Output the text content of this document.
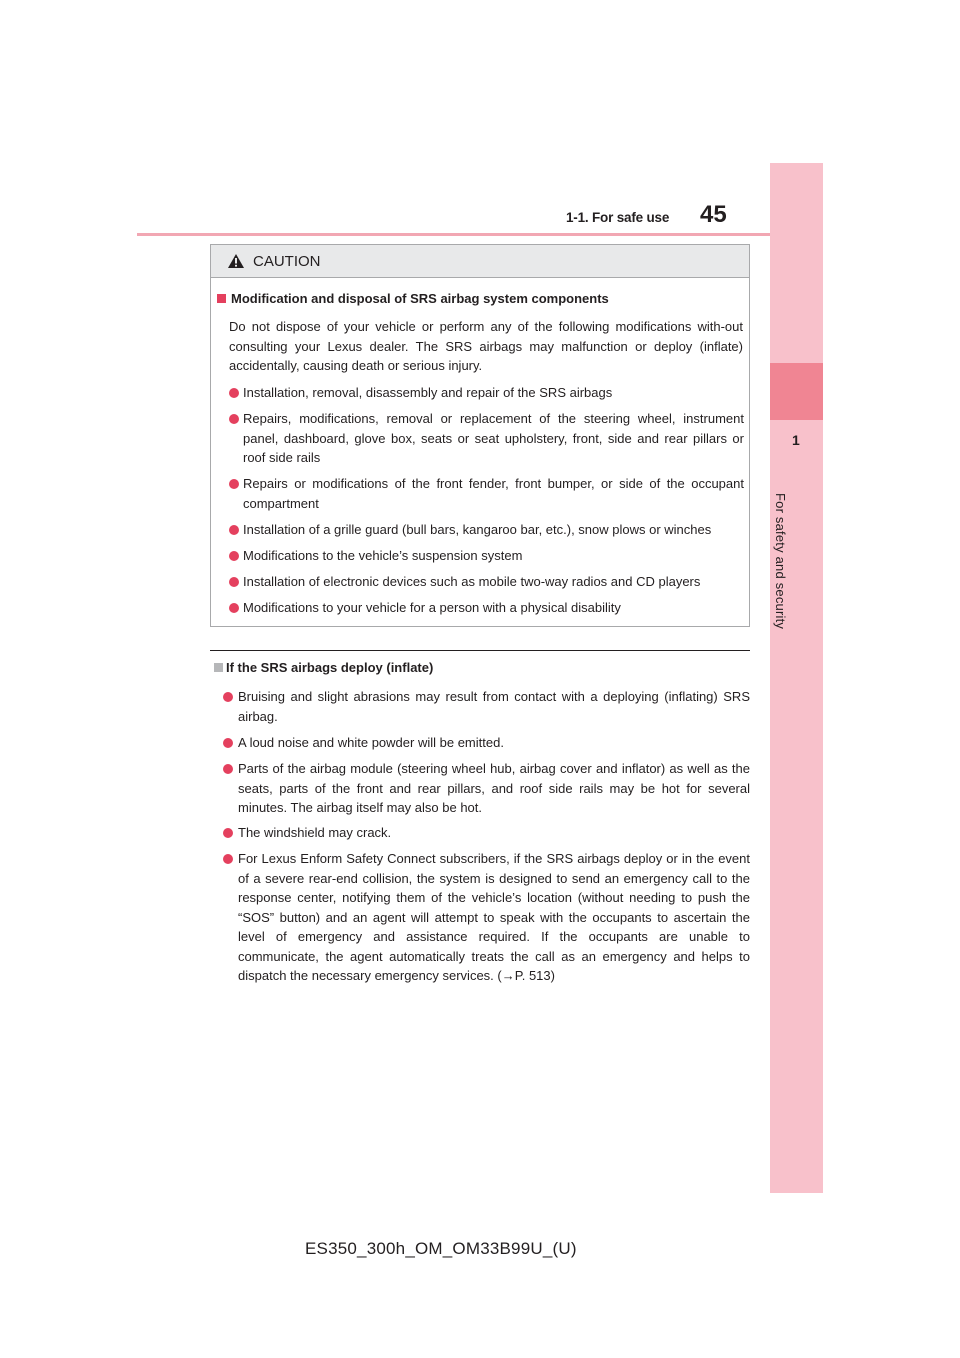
1-1. For safe use 45
1
For safety and security
CAUTION
Modification and disposal of SRS airbag system components
Do not dispose of your vehicle or perform any of the following modifications with-out consulting your Lexus dealer. The SRS airbags may malfunction or deploy (inflate) accidentally, causing death or serious injury.
Installation, removal, disassembly and repair of the SRS airbags
Repairs, modifications, removal or replacement of the steering wheel, instrument panel, dashboard, glove box, seats or seat upholstery, front, side and rear pillars or roof side rails
Repairs or modifications of the front fender, front bumper, or side of the occupant compartment
Installation of a grille guard (bull bars, kangaroo bar, etc.), snow plows or winches
Modifications to the vehicle’s suspension system
Installation of electronic devices such as mobile two-way radios and CD players
Modifications to your vehicle for a person with a physical disability
If the SRS airbags deploy (inflate)
Bruising and slight abrasions may result from contact with a deploying (inflating) SRS airbag.
A loud noise and white powder will be emitted.
Parts of the airbag module (steering wheel hub, airbag cover and inflator) as well as the seats, parts of the front and rear pillars, and roof side rails may be hot for several minutes. The airbag itself may also be hot.
The windshield may crack.
For Lexus Enform Safety Connect subscribers, if the SRS airbags deploy or in the event of a severe rear-end collision, the system is designed to send an emergency call to the response center, notifying them of the vehicle’s location (without needing to push the “SOS” button) and an agent will attempt to speak with the occupants to ascertain the level of emergency and assistance required. If the occupants are unable to communicate, the agent automatically treats the call as an emergency and helps to dispatch the necessary emergency services. (→P. 513)
ES350_300h_OM_OM33B99U_(U)
